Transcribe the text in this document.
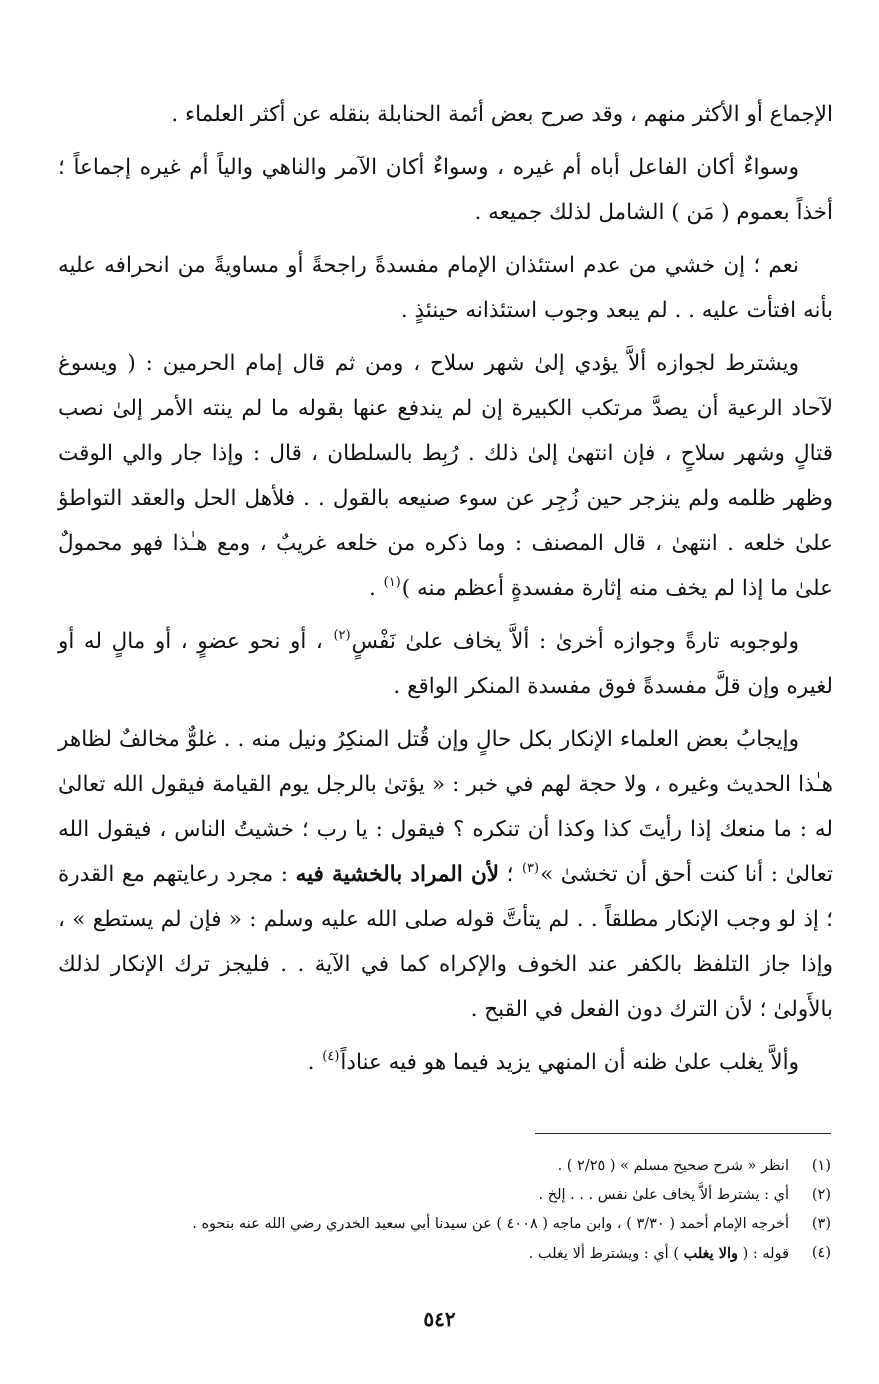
الإجماع أو الأكثر منهم ، وقد صرح بعض أئمة الحنابلة بنقله عن أكثر العلماء .

وسواءٌ أكان الفاعل أباه أم غيره ، وسواءٌ أكان الآمر والناهي والياً أم غيره إجماعاً ؛ أخذاً بعموم ( مَن ) الشامل لذلك جميعه .

نعم ؛ إن خشي من عدم استئذان الإمام مفسدةً راجحةً أو مساويةً من انحرافه عليه بأنه افتأت عليه . . لم يبعد وجوب استئذانه حينئذٍ .

ويشترط لجوازه ألاَّ يؤدي إلىٰ شهر سلاح ، ومن ثم قال إمام الحرمين : ( ويسوغ لآحاد الرعية أن يصدَّ مرتكب الكبيرة إن لم يندفع عنها بقوله ما لم ينته الأمر إلىٰ نصب قتالٍ وشهر سلاحٍ ، فإن انتهىٰ إلىٰ ذلك . رُبِط بالسلطان ، قال : وإذا جار والي الوقت وظهر ظلمه ولم ينزجر حين زُجِر عن سوء صنيعه بالقول . . فلأهل الحل والعقد التواطؤ علىٰ خلعه . انتهىٰ ، قال المصنف : وما ذكره من خلعه غريبٌ ، ومع هـٰذا فهو محمولٌ علىٰ ما إذا لم يخف منه إثارة مفسدةٍ أعظم منه )$^{(١)}$ .

ولوجوبه تارةً وجوازه أخرىٰ : ألاَّ يخاف علىٰ نَفْسٍ$^{(٢)}$ ، أو نحو عضوٍ ، أو مالٍ له أو لغيره وإن قلَّ مفسدةً فوق مفسدة المنكر الواقع .

وإيجابُ بعض العلماء الإنكار بكل حالٍ وإن قُتل المنكِرُ ونيل منه . . غلوٌّ مخالفٌ لظاهر هـٰذا الحديث وغيره ، ولا حجة لهم في خبر : « يؤتىٰ بالرجل يوم القيامة فيقول الله تعالىٰ له : ما منعك إذا رأيتَ كذا وكذا أن تنكره ؟ فيقول : يا رب ؛ خشيتُ الناس ، فيقول الله تعالىٰ : أنا كنت أحق أن تخشىٰ »$^{(٣)}$ ؛ لأن المراد بالخشية فيه : مجرد رعايتهم مع القدرة ؛ إذ لو وجب الإنكار مطلقاً . . لم يتأتَّ قوله صلى الله عليه وسلم : « فإن لم يستطع » ، وإذا جاز التلفظ بالكفر عند الخوف والإكراه كما في الآية . . فليجز ترك الإنكار لذلك بالأَولىٰ ؛ لأن الترك دون الفعل في القبح .

وألاَّ يغلب علىٰ ظنه أن المنهي يزيد فيما هو فيه عناداً$^{(٤)}$ .

(١)
انظر « شرح صحيح مسلم » ( ٢/٢٥ ) .
(٢)
أي : يشترط ألاَّ يخاف علىٰ نفس . . . إلخ .
(٣)
أخرجه الإمام أحمد ( ٣/٣٠ ) ، وابن ماجه ( ٤٠٠٨ ) عن سيدنا أبي سعيد الخدري رضي الله عنه بنحوه .
(٤)
قوله : ( والا يغلب ) أي : ويشترط ألا يغلب .
٥٤٢
